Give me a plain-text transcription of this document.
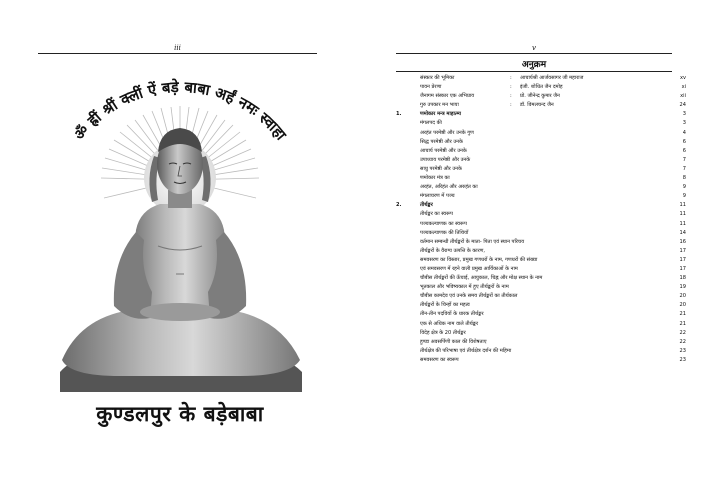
iii
ॐ ह्रीं श्रीं क्लीं ऐं बड़े बाबा अर्हं नमः स्वाहा
कुण्डलपुर के बड़ेबाबा
v
अनुक्रम
संस्कार की भूमिका	: आचार्यश्री आर्जवसागर जी महाराज	xv
पावन प्रेरणा	: इंजी. शोधित जैन दमोह	xi
जैनागम संस्कार एक अभिप्राय	: प्रो. जीनेन्द्र कुमार जैन	xii
गुरु उपकार मन भाया	: डॉ. विमलचन्द जैन	24
1.	णमोकार मन्त्र माहात्म्य	3
मंगलपद की	3
अरहंत परमेष्ठी और उनके गुण	4
सिद्ध परमेष्ठी और उनके	6
आचार्य परमेष्ठी और उनके	6
उपाध्याय परमेष्ठी और उनके	7
साधु परमेष्ठी और उनके	7
णमोकार मंत्र का	8
अरहंत, अरिहंत और अरुहंत का	9
मंगलाचरण में पञ्च	9
2.	तीर्थङ्कर	11
तीर्थङ्कर का स्वरूप	11
पञ्चकल्याणक का स्वरूप	11
पञ्चकल्याणक की तिथियाँ	14
वर्तमान सम्बन्धी तीर्थङ्करों के माता- पिता एवं स्थान परिचय	16
तीर्थङ्करों के वैराग्य उत्पत्ति के कारण,	17
समवसरण का विस्तार, प्रमुख गणधरों के नाम, गणधरों की संख्या	17
एवं समवसरण में रहने वाली प्रमुख आर्यिकाओं के नाम	17
चौबीस तीर्थङ्करों की ऊँचाई, आयुकाल, चिह्न और मोक्ष स्थान के नाम	18
भूतकाल और भविष्यकाल में हुए तीर्थङ्करों के नाम	19
चौबीस कामदेव एवं उनके समय तीर्थङ्करों का तीर्थकाल	20
तीर्थङ्करों के चिन्हों का महत्व	20
तीन-तीन पदवियों के धारक तीर्थङ्कर	21
एक से अधिक नाम वाले तीर्थङ्कर	21
विदेह क्षेत्र के 20 तीर्थङ्कर	22
हुण्डा अवसर्पिणी काल की विशेषताए	22
तीर्थक्षेत्र की परिभाषा एवं तीर्थक्षेत्र दर्शन की महिमा	23
समवसरण का स्वरूप	23
